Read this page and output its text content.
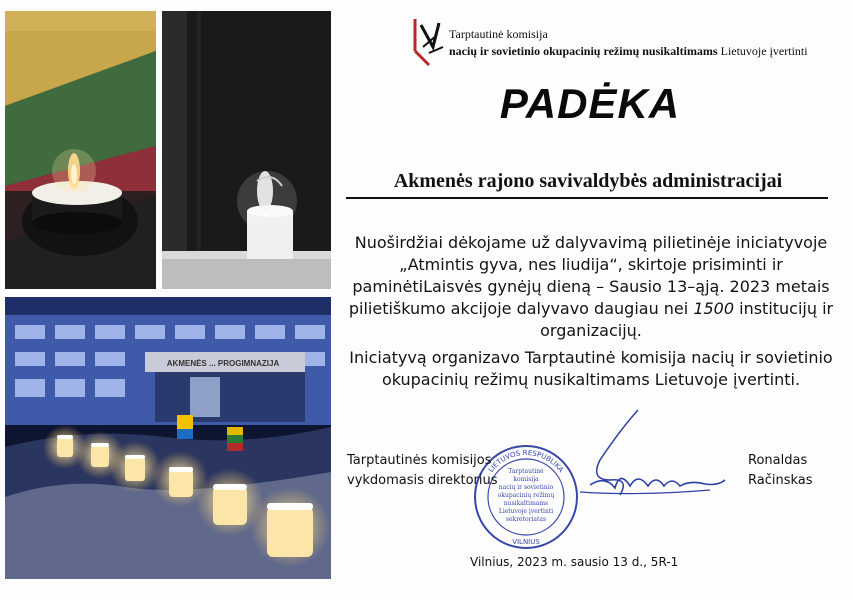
AKMENĖS ... PROGIMNAZIJA
Tarptautinė komisija
nacių ir sovietinio okupacinių režimų nusikaltimams Lietuvoje įvertinti
PADĖKA
Akmenės rajono savivaldybės administracijai
Nuoširdžiai dėkojame už dalyvavimą pilietinėje iniciatyvoje „Atmintis gyva, nes liudija“, skirtoje prisiminti ir paminėtiLaisvės gynėjų dieną – Sausio 13–ąją. 2023 metais pilietiškumo akcijoje dalyvavo daugiau nei 1500 institucijų ir organizacijų.
Iniciatyvą organizavo Tarptautinė komisija nacių ir sovietinio okupacinių režimų nusikaltimams Lietuvoje įvertinti.
LIETUVOS RESPUBLIKA
VILNIUS
Tarptautinė
komisija
nacių ir sovietinio
okupacinių režimų
nusikaltimams
Lietuvoje įvertinti
sekretoriatas
Tarptautinės komisijos
vykdomasis direktorius
Ronaldas
Račinskas
Vilnius, 2023 m. sausio 13 d., 5R-1
